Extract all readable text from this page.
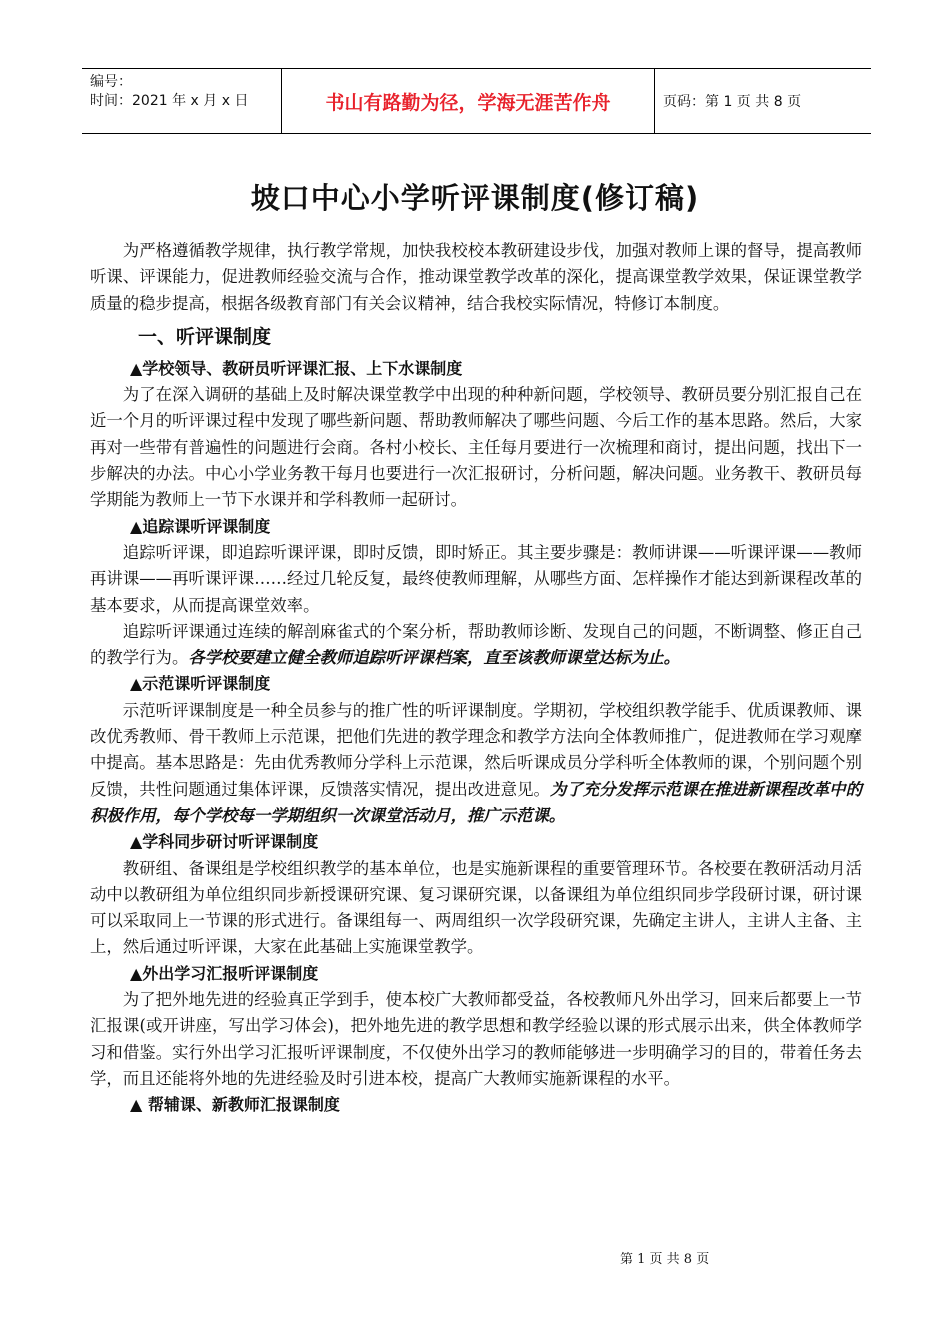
编号：
时间：2021 年 x 月 x 日	书山有路勤为径，学海无涯苦作舟	页码：第 1 页 共 8 页
坡口中心小学听评课制度(修订稿)

为严格遵循教学规律，执行教学常规，加快我校校本教研建设步伐，加强对教师上课的督导，提高教师听课、评课能力，促进教师经验交流与合作，推动课堂教学改革的深化，提高课堂教学效果，保证课堂教学质量的稳步提高，根据各级教育部门有关会议精神，结合我校实际情况，特修订本制度。

一、听评课制度
▲学校领导、教研员听评课汇报、上下水课制度

为了在深入调研的基础上及时解决课堂教学中出现的种种新问题，学校领导、教研员要分别汇报自己在近一个月的听评课过程中发现了哪些新问题、帮助教师解决了哪些问题、今后工作的基本思路。然后，大家再对一些带有普遍性的问题进行会商。各村小校长、主任每月要进行一次梳理和商讨，提出问题，找出下一步解决的办法。中心小学业务教干每月也要进行一次汇报研讨，分析问题，解决问题。业务教干、教研员每学期能为教师上一节下水课并和学科教师一起研讨。

▲追踪课听评课制度

追踪听评课，即追踪听课评课，即时反馈，即时矫正。其主要步骤是：教师讲课——听课评课——教师再讲课——再听课评课……经过几轮反复，最终使教师理解，从哪些方面、怎样操作才能达到新课程改革的基本要求，从而提高课堂效率。

追踪听评课通过连续的解剖麻雀式的个案分析，帮助教师诊断、发现自己的问题，不断调整、修正自己的教学行为。各学校要建立健全教师追踪听评课档案，直至该教师课堂达标为止。

▲示范课听评课制度

示范听评课制度是一种全员参与的推广性的听评课制度。学期初，学校组织教学能手、优质课教师、课改优秀教师、骨干教师上示范课，把他们先进的教学理念和教学方法向全体教师推广，促进教师在学习观摩中提高。基本思路是：先由优秀教师分学科上示范课，然后听课成员分学科听全体教师的课，个别问题个别反馈，共性问题通过集体评课，反馈落实情况，提出改进意见。为了充分发挥示范课在推进新课程改革中的积极作用，每个学校每一学期组织一次课堂活动月，推广示范课。

▲学科同步研讨听评课制度

教研组、备课组是学校组织教学的基本单位，也是实施新课程的重要管理环节。各校要在教研活动月活动中以教研组为单位组织同步新授课研究课、复习课研究课，以备课组为单位组织同步学段研讨课，研讨课可以采取同上一节课的形式进行。备课组每一、两周组织一次学段研究课，先确定主讲人，主讲人主备、主上，然后通过听评课，大家在此基础上实施课堂教学。

▲外出学习汇报听评课制度

为了把外地先进的经验真正学到手，使本校广大教师都受益，各校教师凡外出学习，回来后都要上一节汇报课(或开讲座，写出学习体会)，把外地先进的教学思想和教学经验以课的形式展示出来，供全体教师学习和借鉴。实行外出学习汇报听评课制度，不仅使外出学习的教师能够进一步明确学习的目的，带着任务去学，而且还能将外地的先进经验及时引进本校，提高广大教师实施新课程的水平。

▲ 帮辅课、新教师汇报课制度
第 1 页 共 8 页
